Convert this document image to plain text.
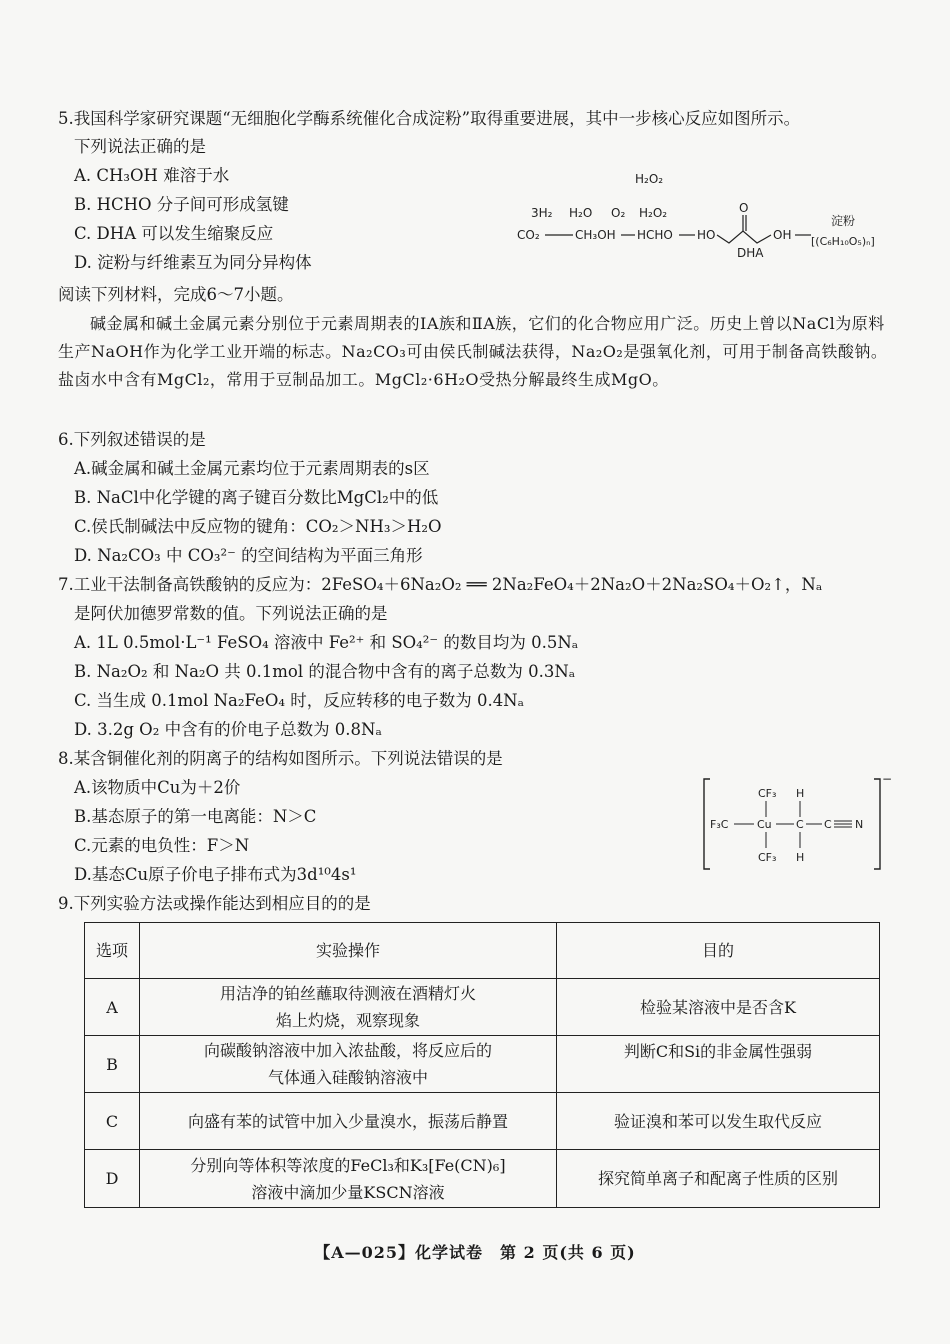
5.我国科学家研究课题“无细胞化学酶系统催化合成淀粉”取得重要进展，其中一步核心反应如图所示。
下列说法正确的是
A. CH₃OH 难溶于水
B. HCHO 分子间可形成氢键
C. DHA 可以发生缩聚反应
D. 淀粉与纤维素互为同分异构体
H₂O₂
3H₂ H₂O O₂ H₂O₂
CO₂	CH₃OH HCHO HO
O
OH
DHA
淀粉
[(C₆H₁₀O₅)ₙ]
阅读下列材料，完成6～7小题。
碱金属和碱土金属元素分别位于元素周期表的ⅠA族和ⅡA族，它们的化合物应用广泛。历史上曾以NaCl为原料生产NaOH作为化学工业开端的标志。Na₂CO₃可由侯氏制碱法获得，Na₂O₂是强氧化剂，可用于制备高铁酸钠。盐卤水中含有MgCl₂，常用于豆制品加工。MgCl₂·6H₂O受热分解最终生成MgO。
6.下列叙述错误的是
A.碱金属和碱土金属元素均位于元素周期表的s区
B. NaCl中化学键的离子键百分数比MgCl₂中的低
C.侯氏制碱法中反应物的键角：CO₂＞NH₃＞H₂O
D. Na₂CO₃ 中 CO₃²⁻ 的空间结构为平面三角形
7.工业干法制备高铁酸钠的反应为：2FeSO₄＋6Na₂O₂ ══ 2Na₂FeO₄＋2Na₂O＋2Na₂SO₄＋O₂↑，Nₐ
是阿伏加德罗常数的值。下列说法正确的是
A. 1L 0.5mol·L⁻¹ FeSO₄ 溶液中 Fe²⁺ 和 SO₄²⁻ 的数目均为 0.5Nₐ
B. Na₂O₂ 和 Na₂O 共 0.1mol 的混合物中含有的离子总数为 0.3Nₐ
C. 当生成 0.1mol Na₂FeO₄ 时，反应转移的电子数为 0.4Nₐ
D. 3.2g O₂ 中含有的价电子总数为 0.8Nₐ
8.某含铜催化剂的阴离子的结构如图所示。下列说法错误的是
A.该物质中Cu为＋2价
B.基态原子的第一电离能：N＞C
C.元素的电负性：F＞N
D.基态Cu原子价电子排布式为3d¹⁰4s¹
−
CF₃ H
F₃C	Cu C C N
CF₃ H
9.下列实验方法或操作能达到相应目的的是
选项	实验操作	目的
A	用洁净的铂丝蘸取待测液在酒精灯火
焰上灼烧，观察现象	检验某溶液中是否含K
B	向碳酸钠溶液中加入浓盐酸，将反应后的
气体通入硅酸钠溶液中	判断C和Si的非金属性强弱
C	向盛有苯的试管中加入少量溴水，振荡后静置	验证溴和苯可以发生取代反应
D	分别向等体积等浓度的FeCl₃和K₃[Fe(CN)₆]
溶液中滴加少量KSCN溶液	探究简单离子和配离子性质的区别
【A—025】化学试卷　第 2 页(共 6 页)
